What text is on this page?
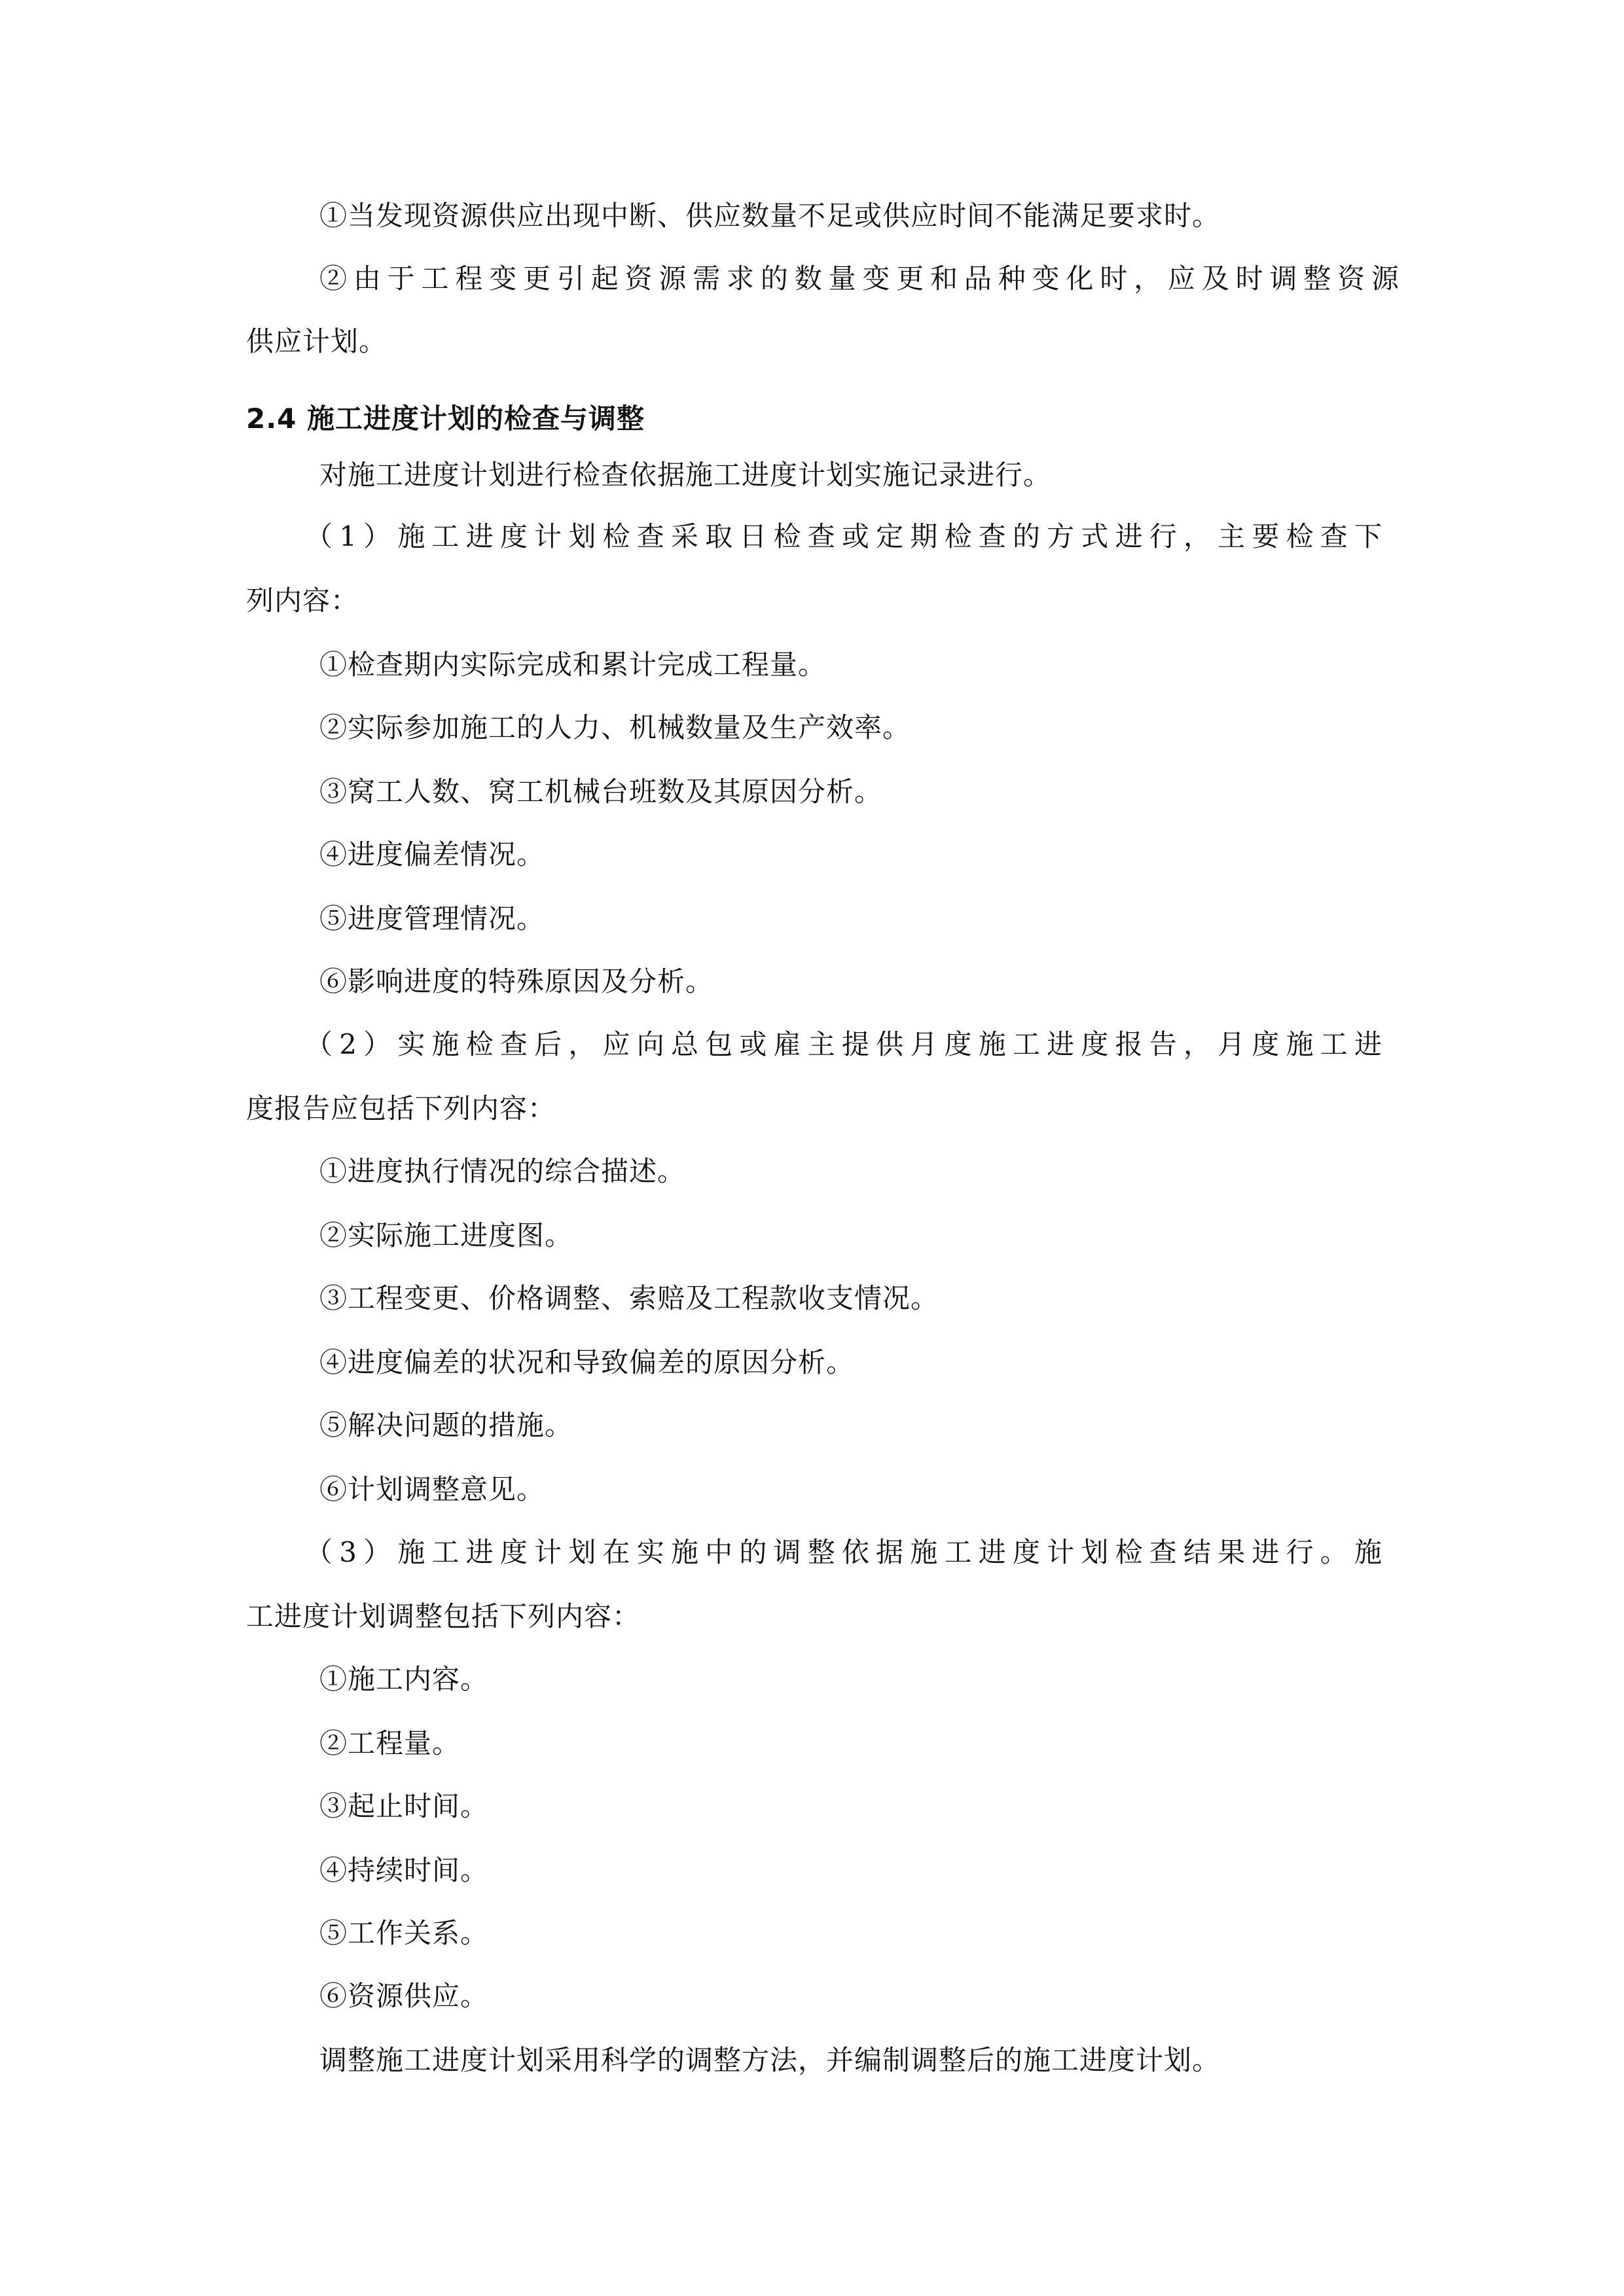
①当发现资源供应出现中断、供应数量不足或供应时间不能满足要求时。
②由于工程变更引起资源需求的数量变更和品种变化时，应及时调整资源
供应计划。
2.4 施工进度计划的检查与调整
对施工进度计划进行检查依据施工进度计划实施记录进行。
（1）施工进度计划检查采取日检查或定期检查的方式进行，主要检查下
列内容：
①检查期内实际完成和累计完成工程量。
②实际参加施工的人力、机械数量及生产效率。
③窝工人数、窝工机械台班数及其原因分析。
④进度偏差情况。
⑤进度管理情况。
⑥影响进度的特殊原因及分析。
（2）实施检查后，应向总包或雇主提供月度施工进度报告，月度施工进
度报告应包括下列内容：
①进度执行情况的综合描述。
②实际施工进度图。
③工程变更、价格调整、索赔及工程款收支情况。
④进度偏差的状况和导致偏差的原因分析。
⑤解决问题的措施。
⑥计划调整意见。
（3）施工进度计划在实施中的调整依据施工进度计划检查结果进行。施
工进度计划调整包括下列内容：
①施工内容。
②工程量。
③起止时间。
④持续时间。
⑤工作关系。
⑥资源供应。
调整施工进度计划采用科学的调整方法，并编制调整后的施工进度计划。
